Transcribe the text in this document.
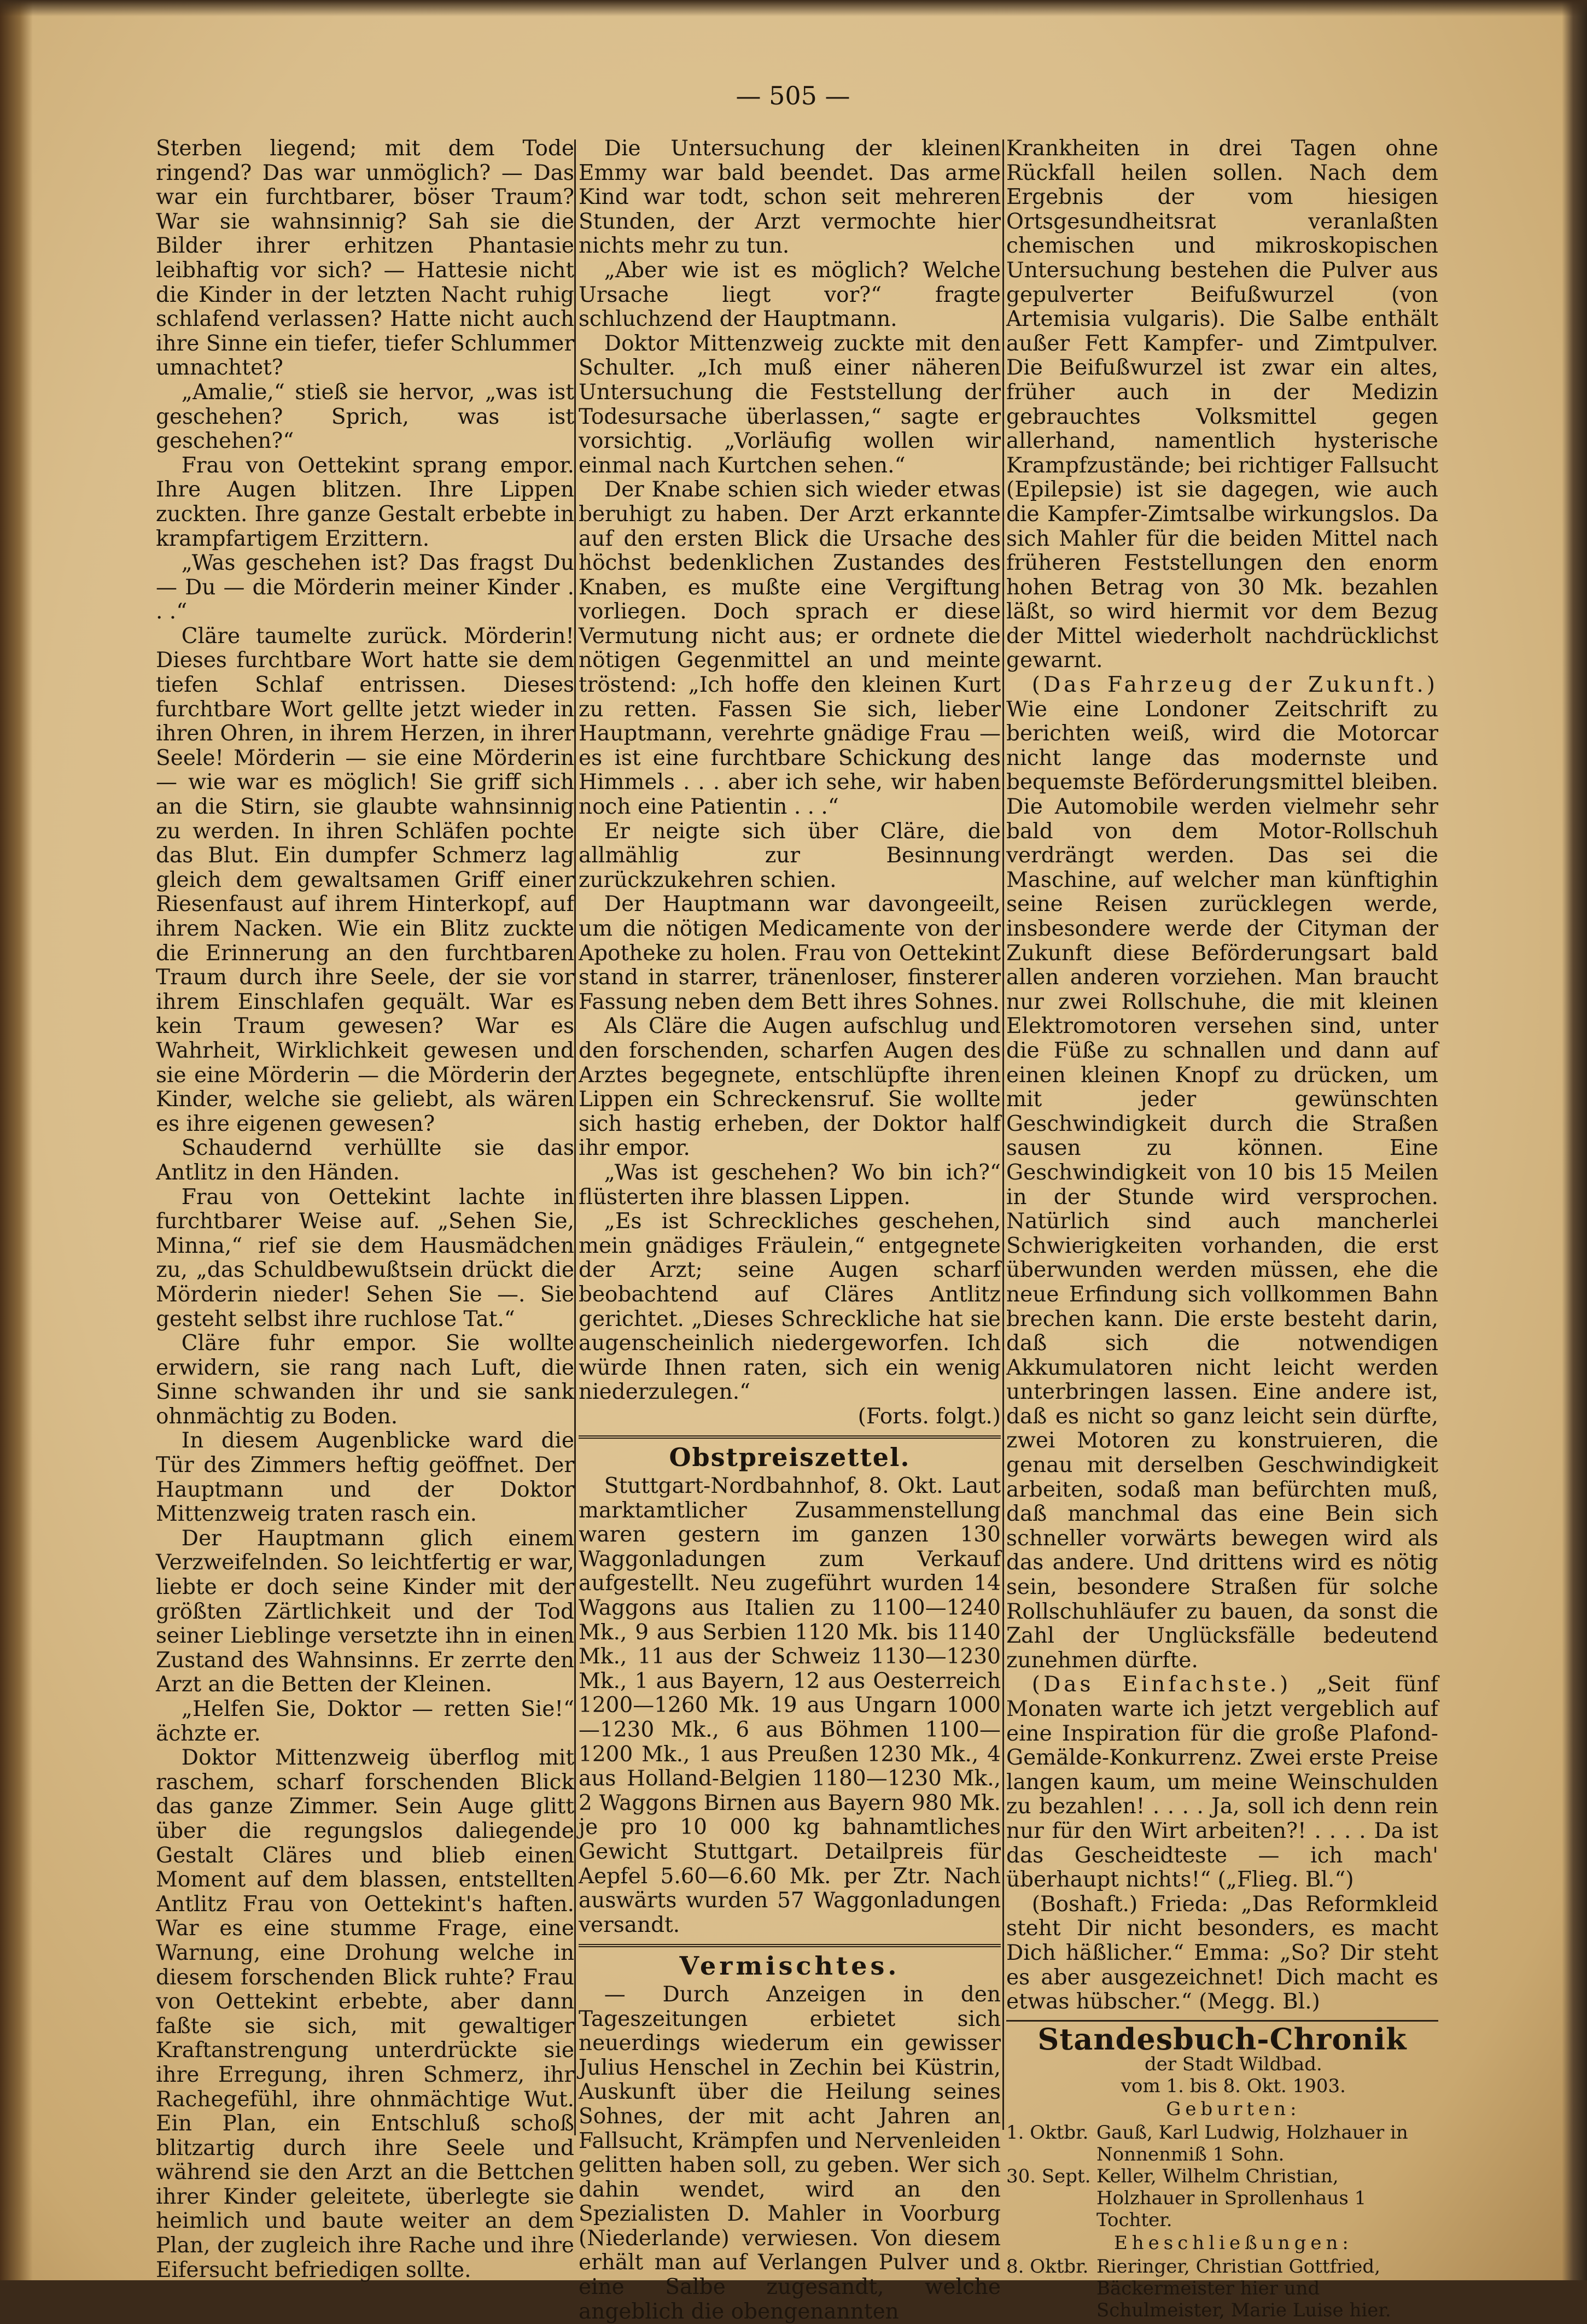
— 505 —

Sterben liegend; mit dem Tode ringend? Das war unmöglich? — Das war ein furchtbarer, böser Traum? War sie wahnsinnig? Sah sie die Bilder ihrer erhitzen Phantasie leibhaftig vor sich? — Hattesie nicht die Kinder in der letzten Nacht ruhig schlafend verlassen? Hatte nicht auch ihre Sinne ein tiefer, tiefer Schlummer umnachtet?

„Amalie,“ stieß sie hervor, „was ist geschehen? Sprich, was ist geschehen?“

Frau von Oettekint sprang empor. Ihre Augen blitzen. Ihre Lippen zuckten. Ihre ganze Gestalt erbebte in krampfartigem Erzittern.

„Was geschehen ist? Das fragst Du — Du — die Mörderin meiner Kinder . . .“

Cläre taumelte zurück. Mörderin! Dieses furchtbare Wort hatte sie dem tiefen Schlaf entrissen. Dieses furchtbare Wort gellte jetzt wieder in ihren Ohren, in ihrem Herzen, in ihrer Seele! Mörderin — sie eine Mörderin — wie war es möglich! Sie griff sich an die Stirn, sie glaubte wahnsinnig zu werden. In ihren Schläfen pochte das Blut. Ein dumpfer Schmerz lag gleich dem gewaltsamen Griff einer Riesenfaust auf ihrem Hinterkopf, auf ihrem Nacken. Wie ein Blitz zuckte die Erinnerung an den furchtbaren Traum durch ihre Seele, der sie vor ihrem Einschlafen gequält. War es kein Traum gewesen? War es Wahrheit, Wirklichkeit gewesen und sie eine Mörderin — die Mörderin der Kinder, welche sie geliebt, als wären es ihre eigenen gewesen?

Schaudernd verhüllte sie das Antlitz in den Händen.

Frau von Oettekint lachte in furchtbarer Weise auf. „Sehen Sie, Minna,“ rief sie dem Hausmädchen zu, „das Schuldbewußtsein drückt die Mörderin nieder! Sehen Sie —. Sie gesteht selbst ihre ruchlose Tat.“

Cläre fuhr empor. Sie wollte erwidern, sie rang nach Luft, die Sinne schwanden ihr und sie sank ohnmächtig zu Boden.

In diesem Augenblicke ward die Tür des Zimmers heftig geöffnet. Der Hauptmann und der Doktor Mittenzweig traten rasch ein.

Der Hauptmann glich einem Verzweifelnden. So leichtfertig er war, liebte er doch seine Kinder mit der größten Zärtlichkeit und der Tod seiner Lieblinge versetzte ihn in einen Zustand des Wahnsinns. Er zerrte den Arzt an die Betten der Kleinen.

„Helfen Sie, Doktor — retten Sie!“ ächzte er.

Doktor Mittenzweig überflog mit raschem, scharf forschenden Blick das ganze Zimmer. Sein Auge glitt über die regungslos daliegende Gestalt Cläres und blieb einen Moment auf dem blassen, entstellten Antlitz Frau von Oettekint's haften. War es eine stumme Frage, eine Warnung, eine Drohung welche in diesem forschenden Blick ruhte? Frau von Oettekint erbebte, aber dann faßte sie sich, mit gewaltiger Kraftanstrengung unterdrückte sie ihre Erregung, ihren Schmerz, ihr Rachegefühl, ihre ohnmächtige Wut. Ein Plan, ein Entschluß schoß blitzartig durch ihre Seele und während sie den Arzt an die Bettchen ihrer Kinder geleitete, überlegte sie heimlich und baute weiter an dem Plan, der zugleich ihre Rache und ihre Eifersucht befriedigen sollte.

Die Untersuchung der kleinen Emmy war bald beendet. Das arme Kind war todt, schon seit mehreren Stunden, der Arzt vermochte hier nichts mehr zu tun.

„Aber wie ist es möglich? Welche Ursache liegt vor?“ fragte schluchzend der Hauptmann.

Doktor Mittenzweig zuckte mit den Schulter. „Ich muß einer näheren Untersuchung die Feststellung der Todesursache überlassen,“ sagte er vorsichtig. „Vorläufig wollen wir einmal nach Kurtchen sehen.“

Der Knabe schien sich wieder etwas beruhigt zu haben. Der Arzt erkannte auf den ersten Blick die Ursache des höchst bedenklichen Zustandes des Knaben, es mußte eine Vergiftung vorliegen. Doch sprach er diese Vermutung nicht aus; er ordnete die nötigen Gegenmittel an und meinte tröstend: „Ich hoffe den kleinen Kurt zu retten. Fassen Sie sich, lieber Hauptmann, verehrte gnädige Frau — es ist eine furchtbare Schickung des Himmels . . . aber ich sehe, wir haben noch eine Patientin . . .“

Er neigte sich über Cläre, die allmählig zur Besinnung zurückzukehren schien.

Der Hauptmann war davongeeilt, um die nötigen Medicamente von der Apotheke zu holen. Frau von Oettekint stand in starrer, tränenloser, finsterer Fassung neben dem Bett ihres Sohnes.

Als Cläre die Augen aufschlug und den forschenden, scharfen Augen des Arztes begegnete, entschlüpfte ihren Lippen ein Schreckensruf. Sie wollte sich hastig erheben, der Doktor half ihr empor.

„Was ist geschehen? Wo bin ich?“ flüsterten ihre blassen Lippen.

„Es ist Schreckliches geschehen, mein gnädiges Fräulein,“ entgegnete der Arzt; seine Augen scharf beobachtend auf Cläres Antlitz gerichtet. „Dieses Schreckliche hat sie augenscheinlich niedergeworfen. Ich würde Ihnen raten, sich ein wenig niederzulegen.“

(Forts. folgt.)

Obstpreiszettel.

Stuttgart-Nordbahnhof, 8. Okt. Laut marktamtlicher Zusammenstellung waren gestern im ganzen 130 Waggonladungen zum Verkauf aufgestellt. Neu zugeführt wurden 14 Waggons aus Italien zu 1100—1240 Mk., 9 aus Serbien 1120 Mk. bis 1140 Mk., 11 aus der Schweiz 1130—1230 Mk., 1 aus Bayern, 12 aus Oesterreich 1200—1260 Mk. 19 aus Ungarn 1000—1230 Mk., 6 aus Böhmen 1100—1200 Mk., 1 aus Preußen 1230 Mk., 4 aus Holland-Belgien 1180—1230 Mk., 2 Waggons Birnen aus Bayern 980 Mk. je pro 10 000 kg bahnamtliches Gewicht Stuttgart. Detailpreis für Aepfel 5.60—6.60 Mk. per Ztr. Nach auswärts wurden 57 Waggonladungen versandt.

Vermischtes.

— Durch Anzeigen in den Tageszeitungen erbietet sich neuerdings wiederum ein gewisser Julius Henschel in Zechin bei Küstrin, Auskunft über die Heilung seines Sohnes, der mit acht Jahren an Fallsucht, Krämpfen und Nervenleiden gelitten haben soll, zu geben. Wer sich dahin wendet, wird an den Spezialisten D. Mahler in Voorburg (Niederlande) verwiesen. Von diesem erhält man auf Verlangen Pulver und eine Salbe zugesandt, welche angeblich die obengenannten

Krankheiten in drei Tagen ohne Rückfall heilen sollen. Nach dem Ergebnis der vom hiesigen Ortsgesundheitsrat veranlaßten chemischen und mikroskopischen Untersuchung bestehen die Pulver aus gepulverter Beifußwurzel (von Artemisia vulgaris). Die Salbe enthält außer Fett Kampfer- und Zimtpulver. Die Beifußwurzel ist zwar ein altes, früher auch in der Medizin gebrauchtes Volksmittel gegen allerhand, namentlich hysterische Krampfzustände; bei richtiger Fallsucht (Epilepsie) ist sie dagegen, wie auch die Kampfer-Zimtsalbe wirkungslos. Da sich Mahler für die beiden Mittel nach früheren Feststellungen den enorm hohen Betrag von 30 Mk. bezahlen läßt, so wird hiermit vor dem Bezug der Mittel wiederholt nachdrücklichst gewarnt.

(Das Fahrzeug der Zukunft.) Wie eine Londoner Zeitschrift zu berichten weiß, wird die Motorcar nicht lange das modernste und bequemste Beförderungsmittel bleiben. Die Automobile werden vielmehr sehr bald von dem Motor-Rollschuh verdrängt werden. Das sei die Maschine, auf welcher man künftighin seine Reisen zurücklegen werde, insbesondere werde der Cityman der Zukunft diese Beförderungsart bald allen anderen vorziehen. Man braucht nur zwei Rollschuhe, die mit kleinen Elektromotoren versehen sind, unter die Füße zu schnallen und dann auf einen kleinen Knopf zu drücken, um mit jeder gewünschten Geschwindigkeit durch die Straßen sausen zu können. Eine Geschwindigkeit von 10 bis 15 Meilen in der Stunde wird versprochen. Natürlich sind auch mancherlei Schwierigkeiten vorhanden, die erst überwunden werden müssen, ehe die neue Erfindung sich vollkommen Bahn brechen kann. Die erste besteht darin, daß sich die notwendigen Akkumulatoren nicht leicht werden unterbringen lassen. Eine andere ist, daß es nicht so ganz leicht sein dürfte, zwei Motoren zu konstruieren, die genau mit derselben Geschwindigkeit arbeiten, sodaß man befürchten muß, daß manchmal das eine Bein sich schneller vorwärts bewegen wird als das andere. Und drittens wird es nötig sein, besondere Straßen für solche Rollschuhläufer zu bauen, da sonst die Zahl der Unglücksfälle bedeutend zunehmen dürfte.

(Das Einfachste.) „Seit fünf Monaten warte ich jetzt vergeblich auf eine Inspiration für die große Plafond-Gemälde-Konkurrenz. Zwei erste Preise langen kaum, um meine Weinschulden zu bezahlen! . . . . Ja, soll ich denn rein nur für den Wirt arbeiten?! . . . . Da ist das Gescheidteste — ich mach' überhaupt nichts!“ („Flieg. Bl.“)

(Boshaft.) Frieda: „Das Reformkleid steht Dir nicht besonders, es macht Dich häßlicher.“ Emma: „So? Dir steht es aber ausgezeichnet! Dich macht es etwas hübscher.“ (Megg. Bl.)

Standesbuch-Chronik

der Stadt Wildbad.

vom 1. bis 8. Okt. 1903.

Geburten:

1. Oktbr. Gauß, Karl Ludwig, Holzhauer in Nonnenmiß 1 Sohn.
30. Sept. Keller, Wilhelm Christian, Holzhauer in Sprollenhaus 1 Tochter.

Eheschließungen:

8. Oktbr. Rieringer, Christian Gottfried, Bäckermeister hier und Schulmeister, Marie Luise hier.
